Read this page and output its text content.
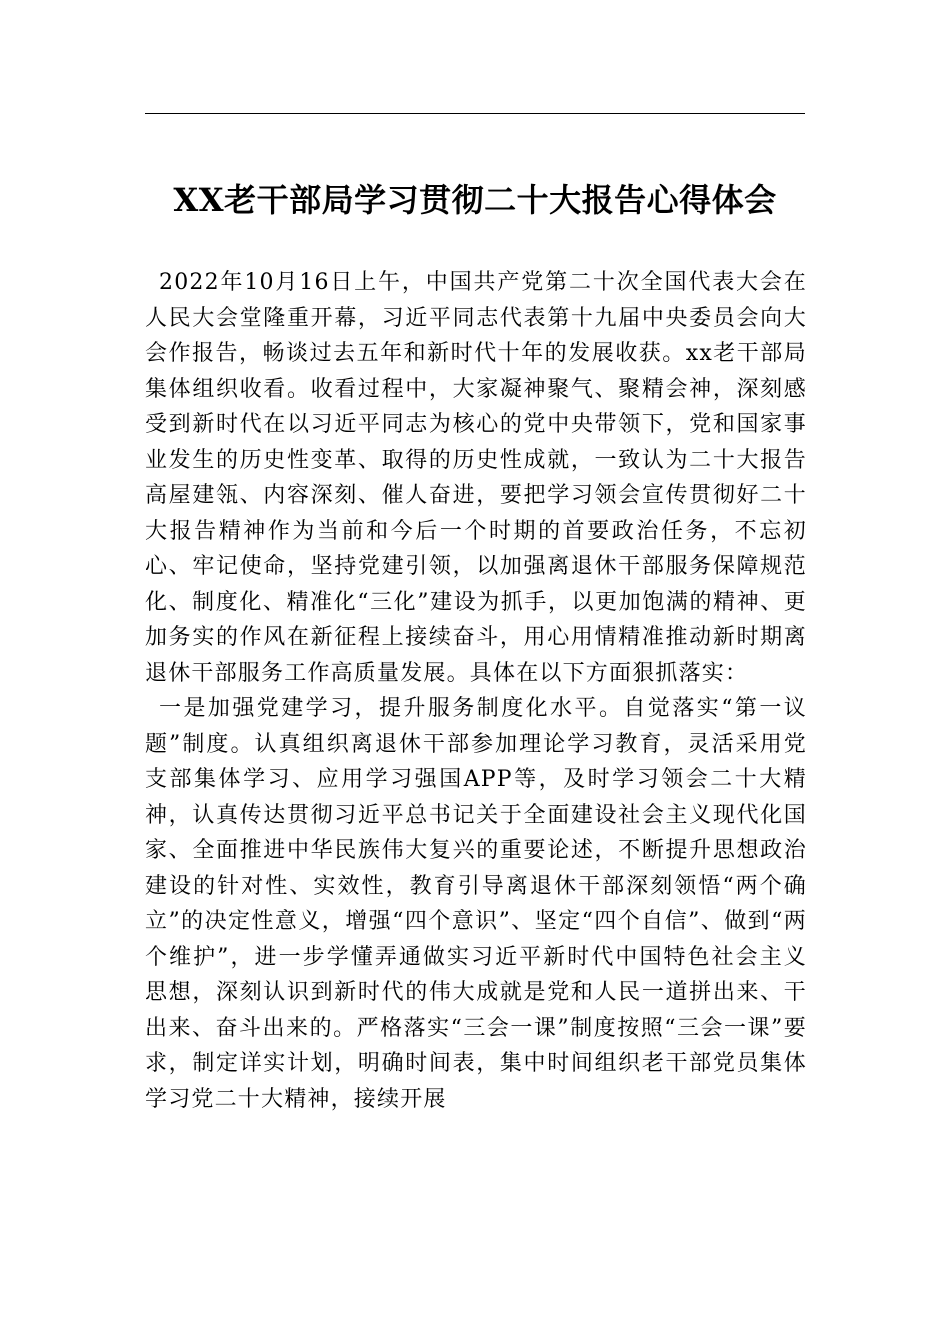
XX老干部局学习贯彻二十大报告心得体会

2022年10月16日上午，中国共产党第二十次全国代表大会在人民大会堂隆重开幕，习近平同志代表第十九届中央委员会向大会作报告，畅谈过去五年和新时代十年的发展收获。xx老干部局集体组织收看。收看过程中，大家凝神聚气、聚精会神，深刻感受到新时代在以习近平同志为核心的党中央带领下，党和国家事业发生的历史性变革、取得的历史性成就，一致认为二十大报告高屋建瓴、内容深刻、催人奋进，要把学习领会宣传贯彻好二十大报告精神作为当前和今后一个时期的首要政治任务，不忘初心、牢记使命，坚持党建引领，以加强离退休干部服务保障规范化、制度化、精准化“三化”建设为抓手，以更加饱满的精神、更加务实的作风在新征程上接续奋斗，用心用情精准推动新时期离退休干部服务工作高质量发展。具体在以下方面狠抓落实：

一是加强党建学习，提升服务制度化水平。自觉落实“第一议题”制度。认真组织离退休干部参加理论学习教育，灵活采用党支部集体学习、应用学习强国APP等，及时学习领会二十大精神，认真传达贯彻习近平总书记关于全面建设社会主义现代化国家、全面推进中华民族伟大复兴的重要论述，不断提升思想政治建设的针对性、实效性，教育引导离退休干部深刻领悟“两个确立”的决定性意义，增强“四个意识”、坚定“四个自信”、做到“两个维护”，进一步学懂弄通做实习近平新时代中国特色社会主义思想，深刻认识到新时代的伟大成就是党和人民一道拼出来、干出来、奋斗出来的。严格落实“三会一课”制度按照“三会一课”要求，制定详实计划，明确时间表，集中时间组织老干部党员集体学习党二十大精神，接续开展
